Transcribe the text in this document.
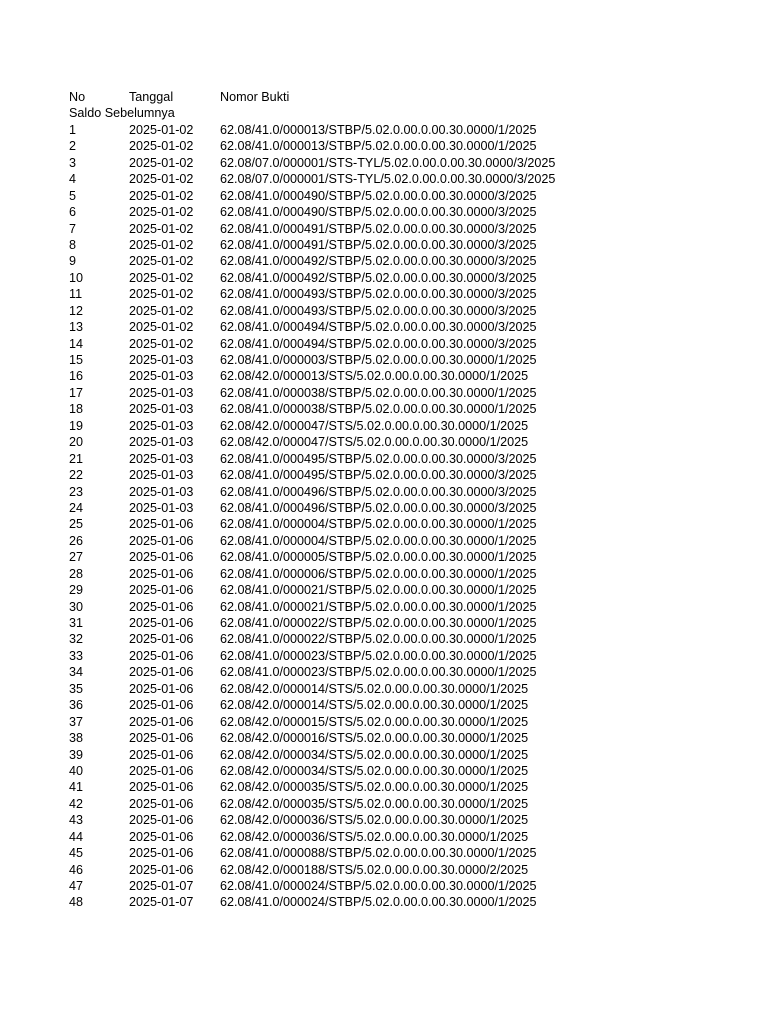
No	Tanggal	Nomor Bukti
Saldo Sebelumnya
1	2025-01-02	62.08/41.0/000013/STBP/5.02.0.00.0.00.30.0000/1/2025
2	2025-01-02	62.08/41.0/000013/STBP/5.02.0.00.0.00.30.0000/1/2025
3	2025-01-02	62.08/07.0/000001/STS-TYL/5.02.0.00.0.00.30.0000/3/2025
4	2025-01-02	62.08/07.0/000001/STS-TYL/5.02.0.00.0.00.30.0000/3/2025
5	2025-01-02	62.08/41.0/000490/STBP/5.02.0.00.0.00.30.0000/3/2025
6	2025-01-02	62.08/41.0/000490/STBP/5.02.0.00.0.00.30.0000/3/2025
7	2025-01-02	62.08/41.0/000491/STBP/5.02.0.00.0.00.30.0000/3/2025
8	2025-01-02	62.08/41.0/000491/STBP/5.02.0.00.0.00.30.0000/3/2025
9	2025-01-02	62.08/41.0/000492/STBP/5.02.0.00.0.00.30.0000/3/2025
10	2025-01-02	62.08/41.0/000492/STBP/5.02.0.00.0.00.30.0000/3/2025
11	2025-01-02	62.08/41.0/000493/STBP/5.02.0.00.0.00.30.0000/3/2025
12	2025-01-02	62.08/41.0/000493/STBP/5.02.0.00.0.00.30.0000/3/2025
13	2025-01-02	62.08/41.0/000494/STBP/5.02.0.00.0.00.30.0000/3/2025
14	2025-01-02	62.08/41.0/000494/STBP/5.02.0.00.0.00.30.0000/3/2025
15	2025-01-03	62.08/41.0/000003/STBP/5.02.0.00.0.00.30.0000/1/2025
16	2025-01-03	62.08/42.0/000013/STS/5.02.0.00.0.00.30.0000/1/2025
17	2025-01-03	62.08/41.0/000038/STBP/5.02.0.00.0.00.30.0000/1/2025
18	2025-01-03	62.08/41.0/000038/STBP/5.02.0.00.0.00.30.0000/1/2025
19	2025-01-03	62.08/42.0/000047/STS/5.02.0.00.0.00.30.0000/1/2025
20	2025-01-03	62.08/42.0/000047/STS/5.02.0.00.0.00.30.0000/1/2025
21	2025-01-03	62.08/41.0/000495/STBP/5.02.0.00.0.00.30.0000/3/2025
22	2025-01-03	62.08/41.0/000495/STBP/5.02.0.00.0.00.30.0000/3/2025
23	2025-01-03	62.08/41.0/000496/STBP/5.02.0.00.0.00.30.0000/3/2025
24	2025-01-03	62.08/41.0/000496/STBP/5.02.0.00.0.00.30.0000/3/2025
25	2025-01-06	62.08/41.0/000004/STBP/5.02.0.00.0.00.30.0000/1/2025
26	2025-01-06	62.08/41.0/000004/STBP/5.02.0.00.0.00.30.0000/1/2025
27	2025-01-06	62.08/41.0/000005/STBP/5.02.0.00.0.00.30.0000/1/2025
28	2025-01-06	62.08/41.0/000006/STBP/5.02.0.00.0.00.30.0000/1/2025
29	2025-01-06	62.08/41.0/000021/STBP/5.02.0.00.0.00.30.0000/1/2025
30	2025-01-06	62.08/41.0/000021/STBP/5.02.0.00.0.00.30.0000/1/2025
31	2025-01-06	62.08/41.0/000022/STBP/5.02.0.00.0.00.30.0000/1/2025
32	2025-01-06	62.08/41.0/000022/STBP/5.02.0.00.0.00.30.0000/1/2025
33	2025-01-06	62.08/41.0/000023/STBP/5.02.0.00.0.00.30.0000/1/2025
34	2025-01-06	62.08/41.0/000023/STBP/5.02.0.00.0.00.30.0000/1/2025
35	2025-01-06	62.08/42.0/000014/STS/5.02.0.00.0.00.30.0000/1/2025
36	2025-01-06	62.08/42.0/000014/STS/5.02.0.00.0.00.30.0000/1/2025
37	2025-01-06	62.08/42.0/000015/STS/5.02.0.00.0.00.30.0000/1/2025
38	2025-01-06	62.08/42.0/000016/STS/5.02.0.00.0.00.30.0000/1/2025
39	2025-01-06	62.08/42.0/000034/STS/5.02.0.00.0.00.30.0000/1/2025
40	2025-01-06	62.08/42.0/000034/STS/5.02.0.00.0.00.30.0000/1/2025
41	2025-01-06	62.08/42.0/000035/STS/5.02.0.00.0.00.30.0000/1/2025
42	2025-01-06	62.08/42.0/000035/STS/5.02.0.00.0.00.30.0000/1/2025
43	2025-01-06	62.08/42.0/000036/STS/5.02.0.00.0.00.30.0000/1/2025
44	2025-01-06	62.08/42.0/000036/STS/5.02.0.00.0.00.30.0000/1/2025
45	2025-01-06	62.08/41.0/000088/STBP/5.02.0.00.0.00.30.0000/1/2025
46	2025-01-06	62.08/42.0/000188/STS/5.02.0.00.0.00.30.0000/2/2025
47	2025-01-07	62.08/41.0/000024/STBP/5.02.0.00.0.00.30.0000/1/2025
48	2025-01-07	62.08/41.0/000024/STBP/5.02.0.00.0.00.30.0000/1/2025
